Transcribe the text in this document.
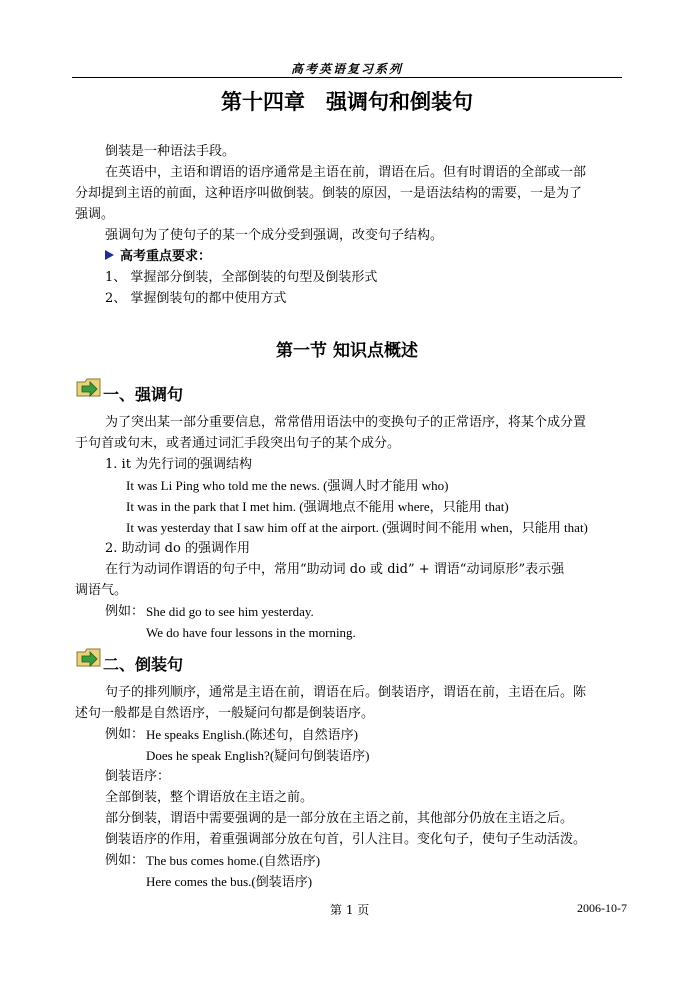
高考英语复习系列
第十四章　强调句和倒装句
倒装是一种语法手段。
在英语中，主语和谓语的语序通常是主语在前，谓语在后。但有时谓语的全部或一部
分却提到主语的前面，这种语序叫做倒装。倒装的原因，一是语法结构的需要，一是为了
强调。
强调句为了使句子的某一个成分受到强调，改变句子结构。
高考重点要求：
1、 掌握部分倒装，全部倒装的句型及倒装形式
2、 掌握倒装句的都中使用方式
第一节 知识点概述
一、强调句
为了突出某一部分重要信息，常常借用语法中的变换句子的正常语序，将某个成分置
于句首或句末，或者通过词汇手段突出句子的某个成分。
1. it 为先行词的强调结构
It was Li Ping who told me the news. (强调人时才能用 who)
It was in the park that I met him. (强调地点不能用 where，只能用 that)
It was yesterday that I saw him off at the airport. (强调时间不能用 when，只能用 that)
2. 助动词 do 的强调作用
在行为动词作谓语的句子中，常用“助动词 do 或 did” + 谓语“动词原形”表示强
调语气。
例如： She did go to see him yesterday.
We do have four lessons in the morning.
二、倒装句
句子的排列顺序，通常是主语在前，谓语在后。倒装语序，谓语在前，主语在后。陈
述句一般都是自然语序，一般疑问句都是倒装语序。
例如： He speaks English.(陈述句，自然语序)
Does he speak English?(疑问句倒装语序)
倒装语序：
全部倒装，整个谓语放在主语之前。
部分倒装，谓语中需要强调的是一部分放在主语之前，其他部分仍放在主语之后。
倒装语序的作用，着重强调部分放在句首，引人注目。变化句子，使句子生动活泼。
例如： The bus comes home.(自然语序)
Here comes the bus.(倒装语序)
第 1 页	2006-10-7
